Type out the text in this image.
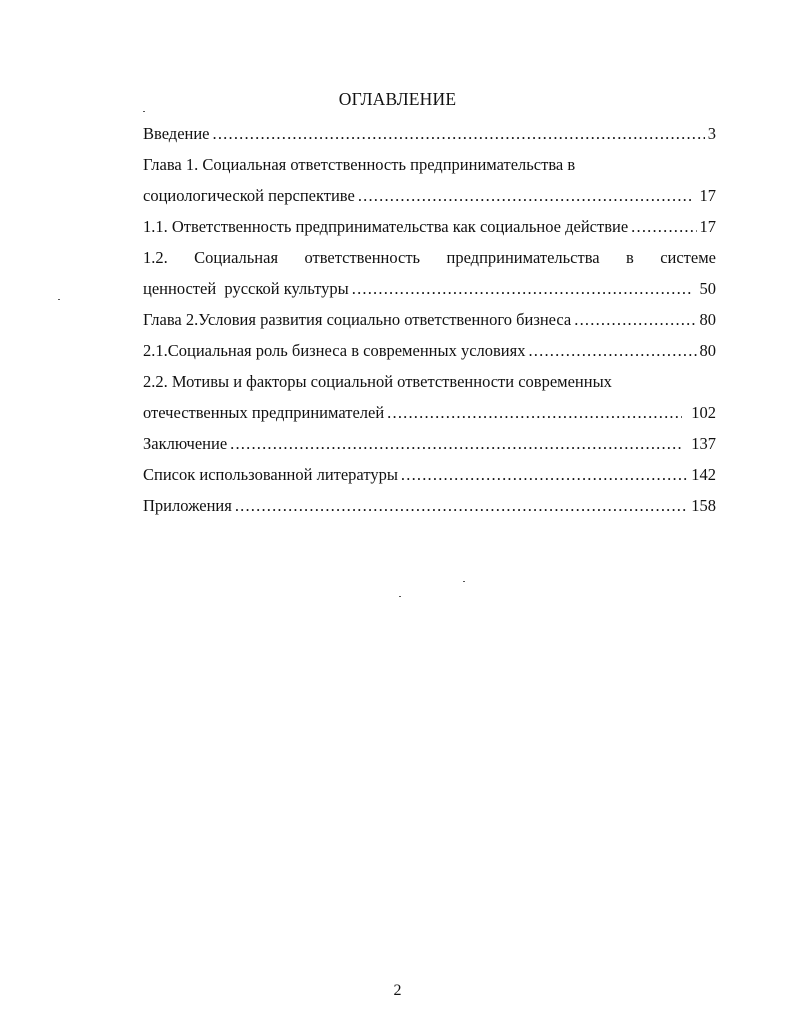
ОГЛАВЛЕНИЕ
Введение .....	3
Глава 1. Социальная ответственность предпринимательства в
социологической перспективе .....	17
1.1. Ответственность предпринимательства как социальное действие .....	17
1.2. Социальная ответственность предпринимательства в системе
ценностей  русской культуры .....	50
Глава 2.Условия развития социально ответственного бизнеса .....	80
2.1.Социальная роль бизнеса в современных условиях .....	80
2.2. Мотивы и факторы социальной ответственности современных
отечественных предпринимателей .....	102
Заключение .....	137
Список использованной литературы .....	142
Приложения .....	158
2
